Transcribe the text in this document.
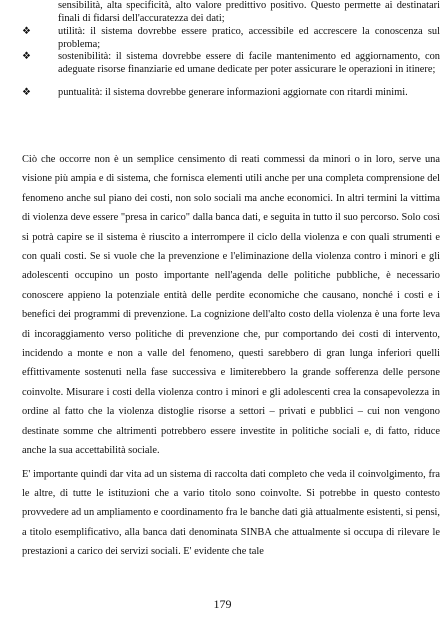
sensibilità, alta specificità, alto valore predittivo positivo. Questo permette ai destinatari finali di fidarsi dell'accuratezza dei dati;
❖	utilità: il sistema dovrebbe essere pratico, accessibile ed accrescere la conoscenza sul problema;
❖	sostenibilità: il sistema dovrebbe essere di facile mantenimento ed aggiornamento, con adeguate risorse finanziarie ed umane dedicate per poter assicurare le operazioni in itinere;
❖	puntualità: il sistema dovrebbe generare informazioni aggiornate con ritardi minimi.

Ciò che occorre non è un semplice censimento di reati commessi da minori o in loro, serve una visione più ampia e di sistema, che fornisca elementi utili anche per una completa comprensione del fenomeno anche sul piano dei costi, non solo sociali ma anche economici. In altri termini la vittima di violenza deve essere "presa in carico" dalla banca dati, e seguita in tutto il suo percorso. Solo così si potrà capire se il sistema è riuscito a interrompere il ciclo della violenza e con quali strumenti e con quali costi. Se si vuole che la prevenzione e l'eliminazione della violenza contro i minori e gli adolescenti occupino un posto importante nell'agenda delle politiche pubbliche, è necessario conoscere appieno la potenziale entità delle perdite economiche che causano, nonché i costi e i benefici dei programmi di prevenzione. La cognizione dell'alto costo della violenza è una forte leva di incoraggiamento verso politiche di prevenzione che, pur comportando dei costi di intervento, incidendo a monte e non a valle del fenomeno, questi sarebbero di gran lunga inferiori quelli effittivamente sostenuti nella fase successiva e limiterebbero la grande sofferenza delle persone coinvolte. Misurare i costi della violenza contro i minori e gli adolescenti crea la consapevolezza in ordine al fatto che la violenza distoglie risorse a settori – privati e pubblici – cui non vengono destinate somme che altrimenti potrebbero essere investite in politiche sociali e, di fatto, riduce anche la sua accettabilità sociale.

E' importante quindi dar vita ad un sistema di raccolta dati completo che veda il coinvolgimento, fra le altre, di tutte le istituzioni che a vario titolo sono coinvolte. Si potrebbe in questo contesto provvedere ad un ampliamento e coordinamento fra le banche dati già attualmente esistenti, si pensi, a titolo esemplificativo, alla banca dati denominata SINBA che attualmente si occupa di rilevare le prestazioni a carico dei servizi sociali. E' evidente che tale

179
